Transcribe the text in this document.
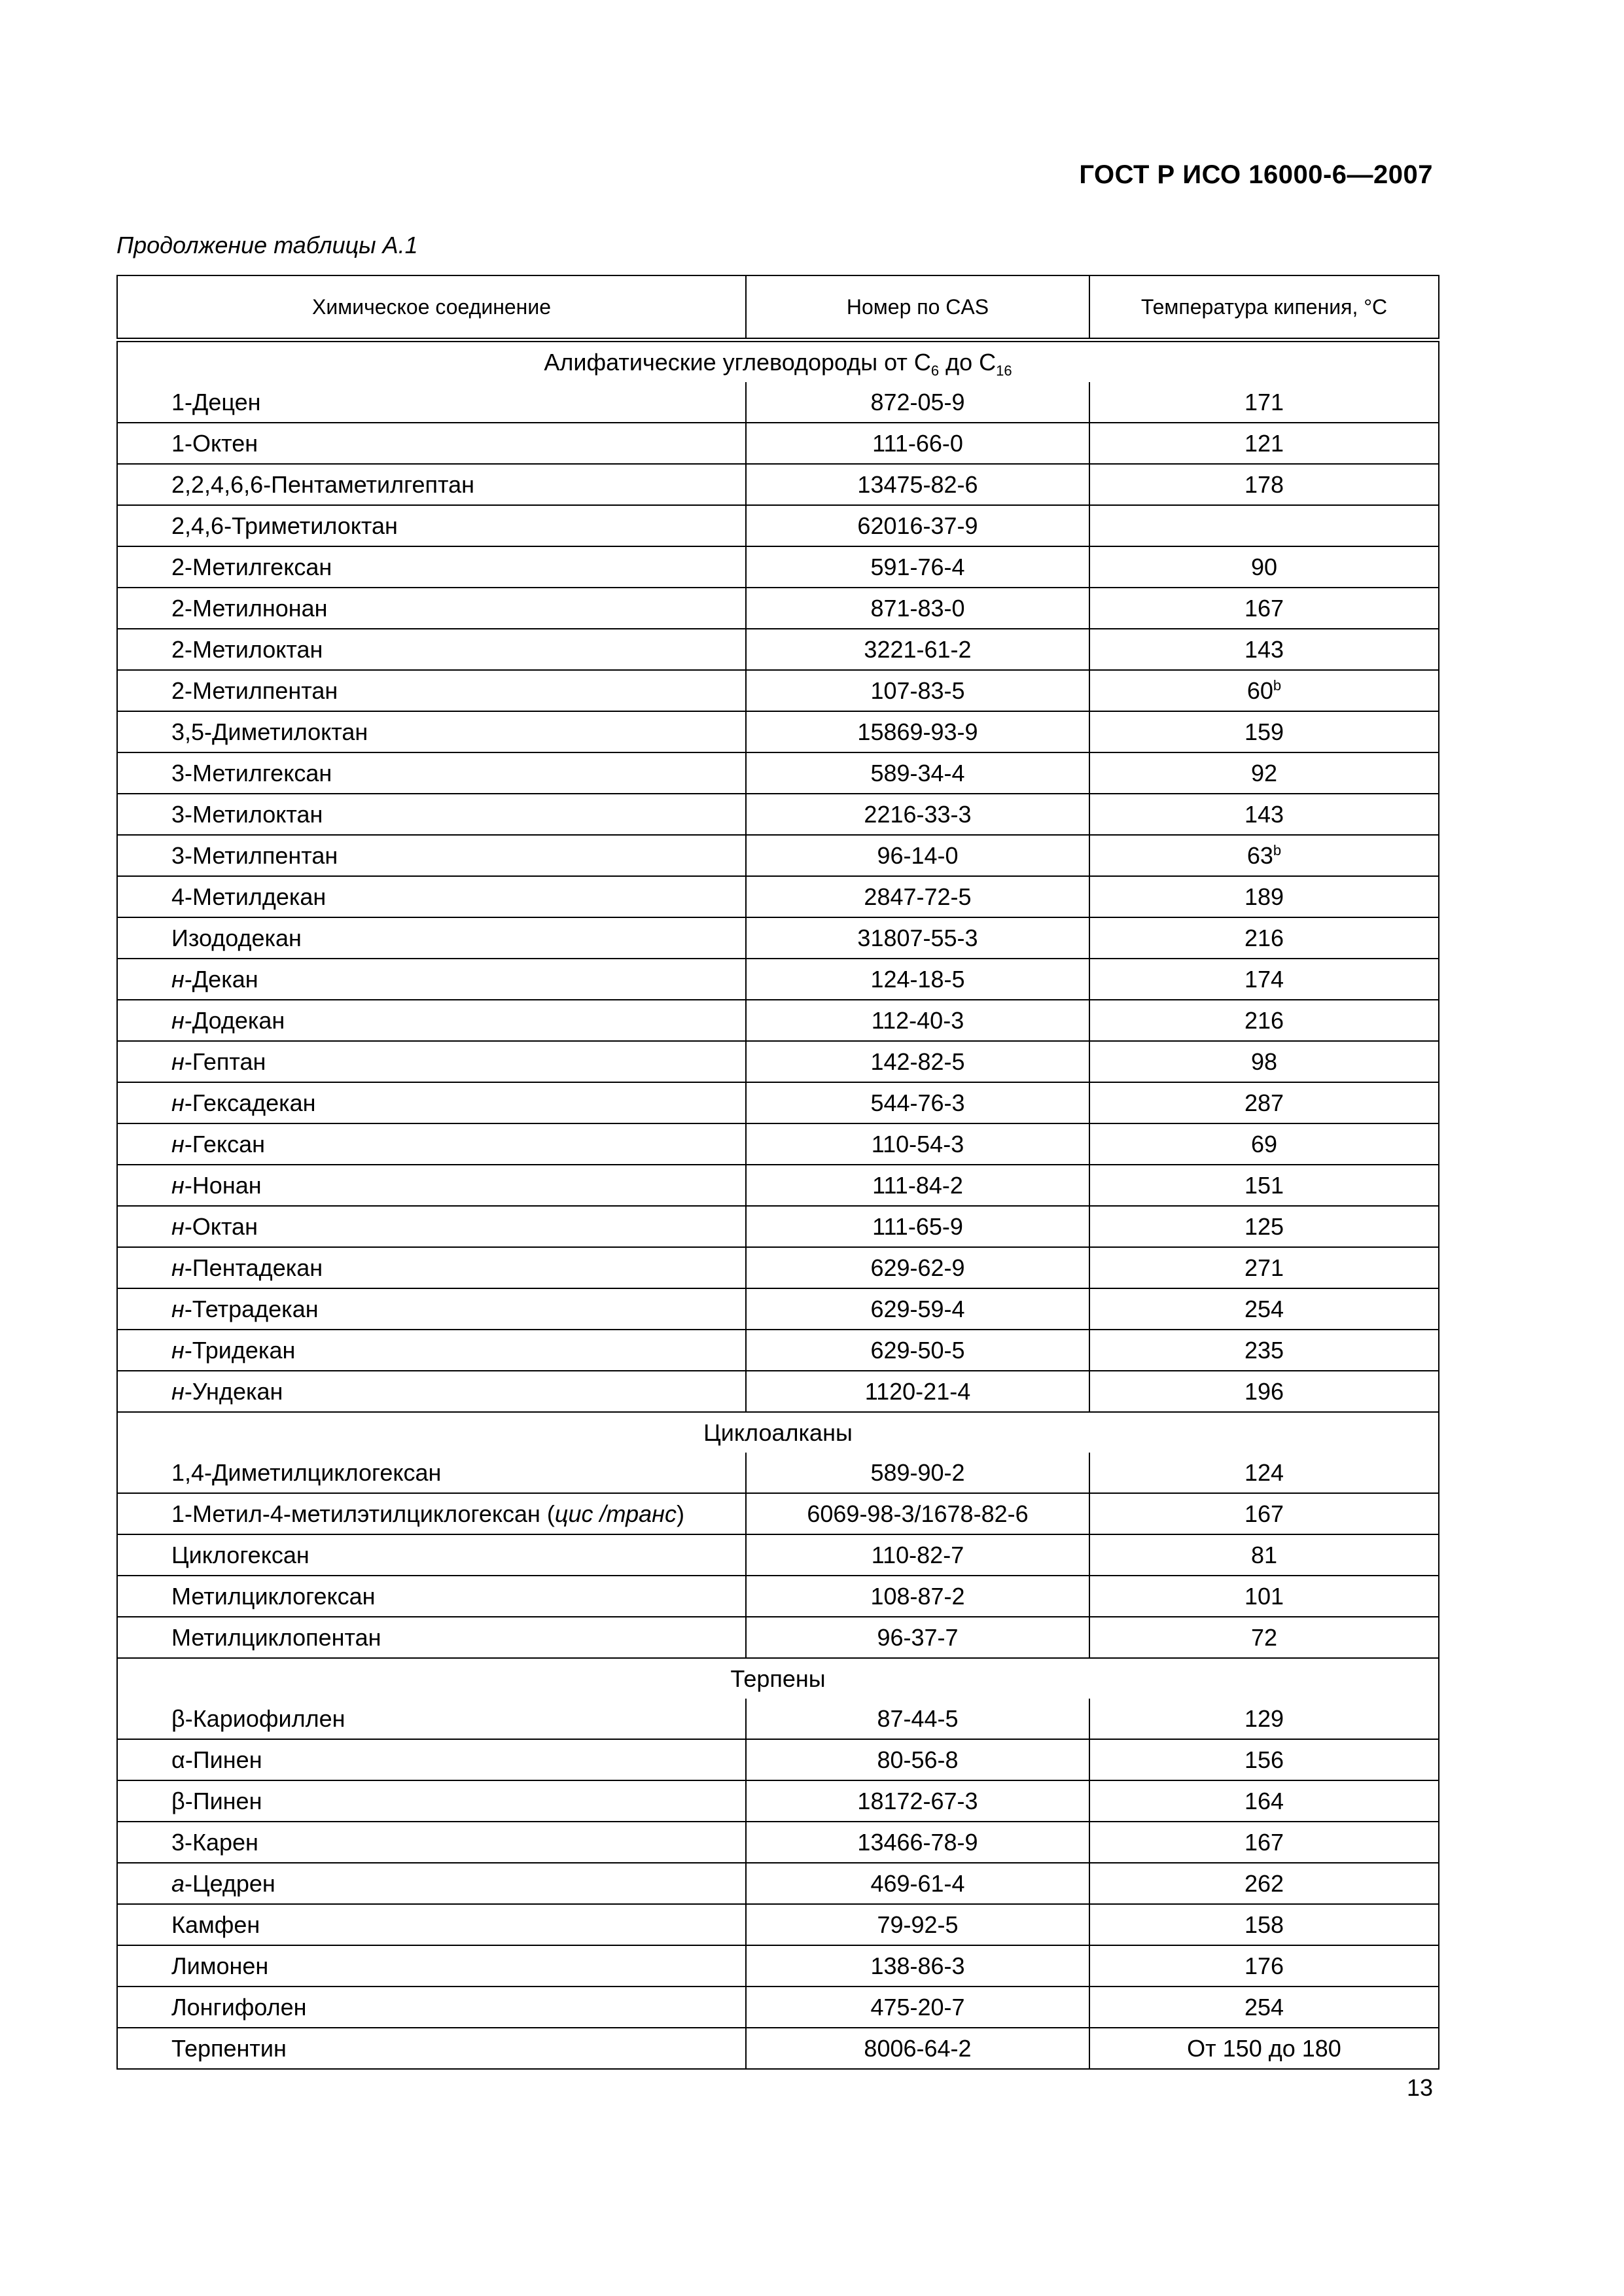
ГОСТ Р ИСО 16000-6—2007
Продолжение таблицы А.1
Химическое соединение	Номер по CAS	Температура кипения, °С
Алифатические углеводороды от $С_6$ до $С_{16}$
1-Децен	872-05-9	171
1-Октен	111-66-0	121
2,2,4,6,6-Пентаметилгептан	13475-82-6	178
2,4,6-Триметилоктан	62016-37-9	
2-Метилгексан	591-76-4	90
2-Метилнонан	871-83-0	167
2-Метилоктан	3221-61-2	143
2-Метилпентан	107-83-5	60$^b$
3,5-Диметилоктан	15869-93-9	159
3-Метилгексан	589-34-4	92
3-Метилоктан	2216-33-3	143
3-Метилпентан	96-14-0	63$^b$
4-Метилдекан	2847-72-5	189
Изододекан	31807-55-3	216
н-Декан	124-18-5	174
н-Додекан	112-40-3	216
н-Гептан	142-82-5	98
н-Гексадекан	544-76-3	287
н-Гексан	110-54-3	69
н-Нонан	111-84-2	151
н-Октан	111-65-9	125
н-Пентадекан	629-62-9	271
н-Тетрадекан	629-59-4	254
н-Тридекан	629-50-5	235
н-Ундекан	1120-21-4	196
Циклоалканы		
1,4-Диметилциклогексан	589-90-2	124
1-Метил-4-метилэтилциклогексан (цис /транс)	6069-98-3/1678-82-6	167
Циклогексан	110-82-7	81
Метилциклогексан	108-87-2	101
Метилциклопентан	96-37-7	72
Терпены		
β-Кариофиллен	87-44-5	129
α-Пинен	80-56-8	156
β-Пинен	18172-67-3	164
3-Карен	13466-78-9	167
а-Цедрен	469-61-4	262
Камфен	79-92-5	158
Лимонен	138-86-3	176
Лонгифолен	475-20-7	254
Терпентин	8006-64-2	От 150 до 180
13
